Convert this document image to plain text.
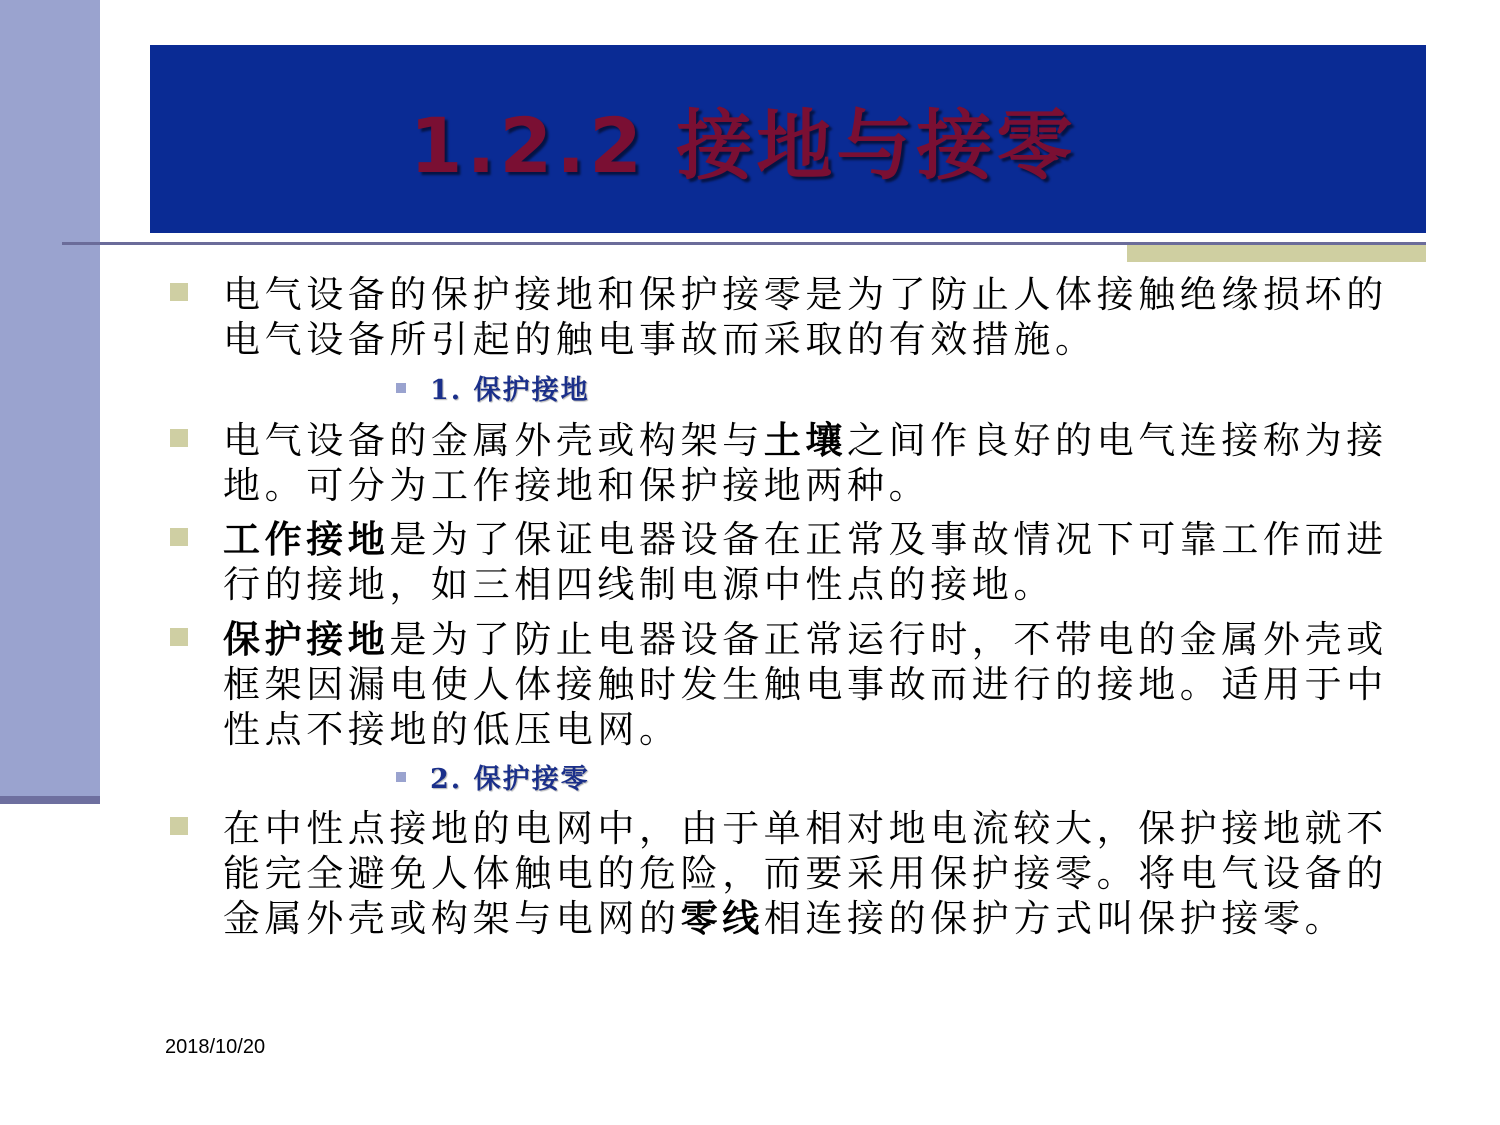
1.2.2 接地与接零
电气设备的保护接地和保护接零是为了防止人体接触绝缘损坏的电气设备所引起的触电事故而采取的有效措施。
1. 保护接地
电气设备的金属外壳或构架与土壤之间作良好的电气连接称为接地。可分为工作接地和保护接地两种。
工作接地是为了保证电器设备在正常及事故情况下可靠工作而进行的接地，如三相四线制电源中性点的接地。
保护接地是为了防止电器设备正常运行时，不带电的金属外壳或框架因漏电使人体接触时发生触电事故而进行的接地。适用于中性点不接地的低压电网。
2. 保护接零
在中性点接地的电网中，由于单相对地电流较大，保护接地就不能完全避免人体触电的危险，而要采用保护接零。将电气设备的金属外壳或构架与电网的零线相连接的保护方式叫保护接零。
2018/10/20
